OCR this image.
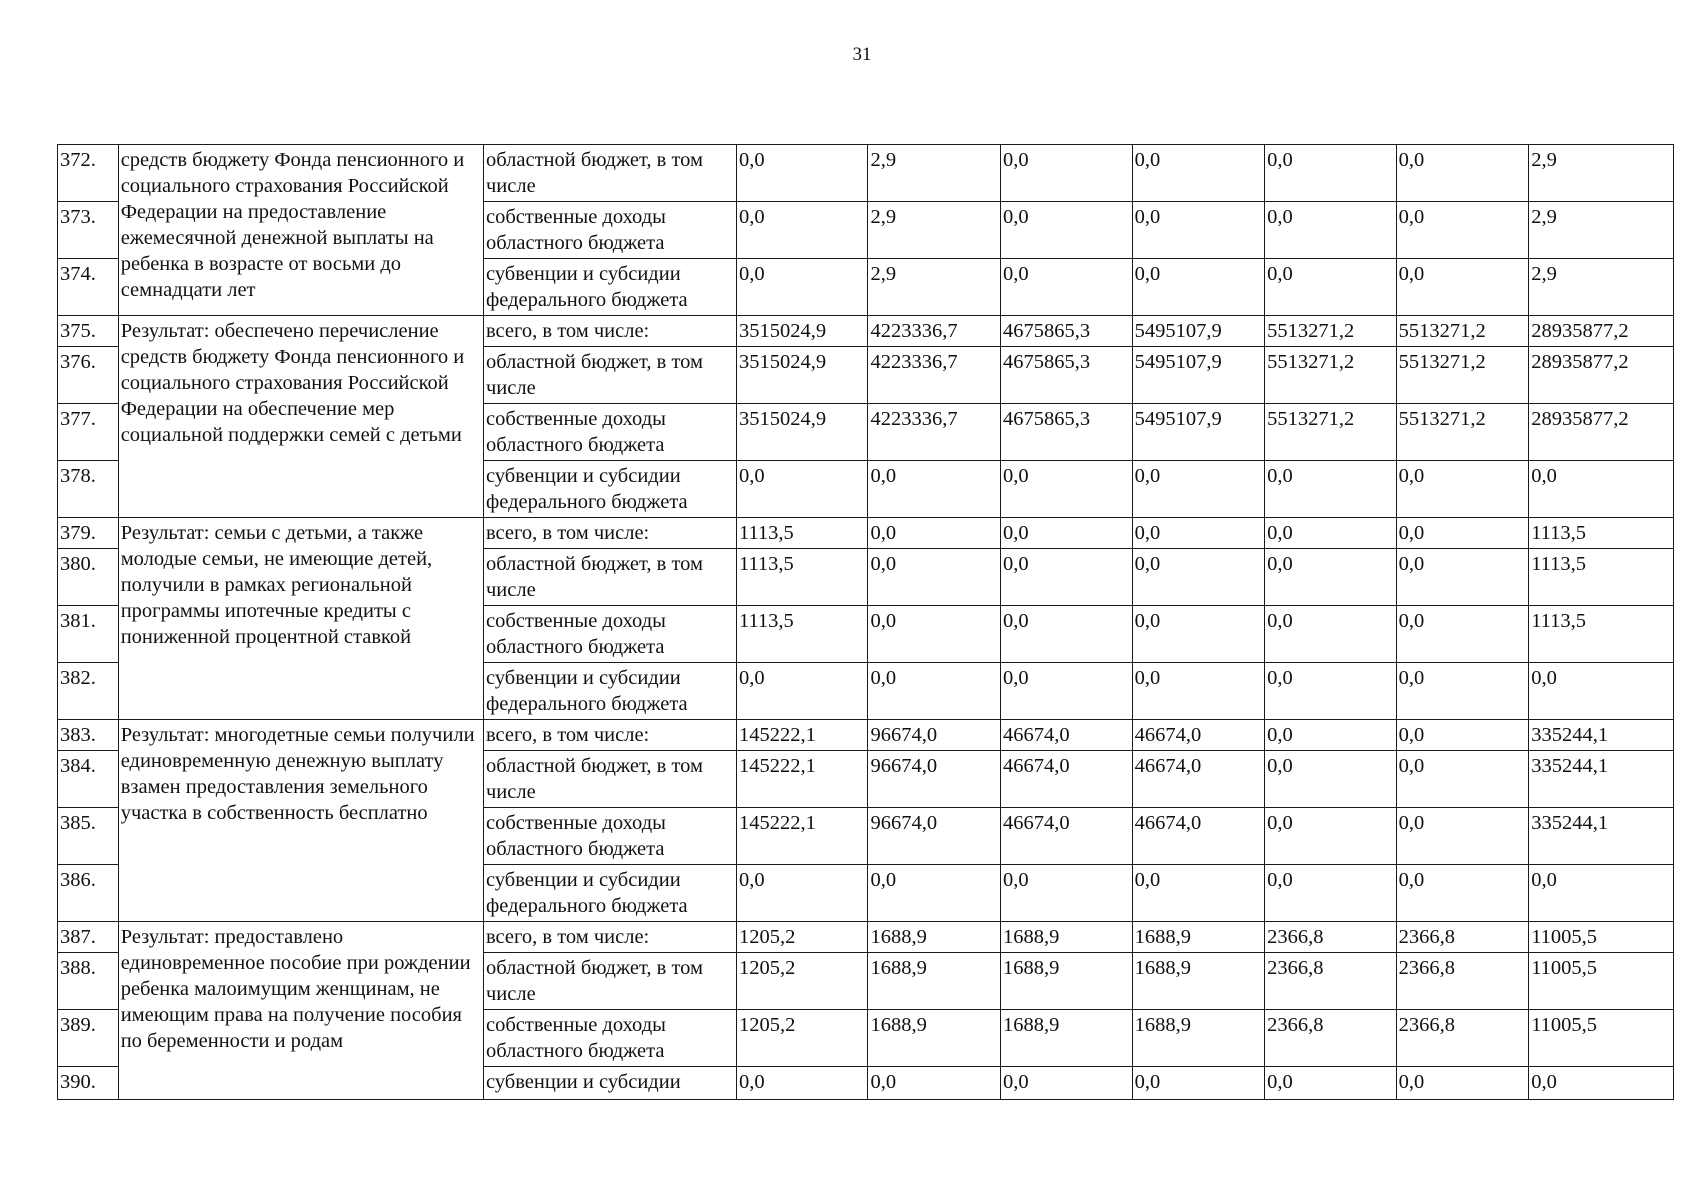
31
372.	средств бюджету Фонда пенсионного и социального страхования Российской Федерации на предоставление ежемесячной денежной выплаты на ребенка в возрасте от восьми до семнадцати лет	областной бюджет, в том числе	0,0	2,9	0,0	0,0	0,0	0,0	2,9
373.		собственные доходы областного бюджета	0,0	2,9	0,0	0,0	0,0	0,0	2,9
374.		субвенции и субсидии федерального бюджета	0,0	2,9	0,0	0,0	0,0	0,0	2,9
375.	Результат: обеспечено перечисление средств бюджету Фонда пенсионного и социального страхования Российской Федерации на обеспечение мер социальной поддержки семей с детьми	всего, в том числе:	3515024,9	4223336,7	4675865,3	5495107,9	5513271,2	5513271,2	28935877,2
376.		областной бюджет, в том числе	3515024,9	4223336,7	4675865,3	5495107,9	5513271,2	5513271,2	28935877,2
377.		собственные доходы областного бюджета	3515024,9	4223336,7	4675865,3	5495107,9	5513271,2	5513271,2	28935877,2
378.		субвенции и субсидии федерального бюджета	0,0	0,0	0,0	0,0	0,0	0,0	0,0
379.	Результат: семьи с детьми, а также молодые семьи, не имеющие детей, получили в рамках региональной программы ипотечные кредиты с пониженной процентной ставкой	всего, в том числе:	1113,5	0,0	0,0	0,0	0,0	0,0	1113,5
380.		областной бюджет, в том числе	1113,5	0,0	0,0	0,0	0,0	0,0	1113,5
381.		собственные доходы областного бюджета	1113,5	0,0	0,0	0,0	0,0	0,0	1113,5
382.		субвенции и субсидии федерального бюджета	0,0	0,0	0,0	0,0	0,0	0,0	0,0
383.	Результат: многодетные семьи получили единовременную денежную выплату взамен предоставления земельного участка в собственность бесплатно	всего, в том числе:	145222,1	96674,0	46674,0	46674,0	0,0	0,0	335244,1
384.		областной бюджет, в том числе	145222,1	96674,0	46674,0	46674,0	0,0	0,0	335244,1
385.		собственные доходы областного бюджета	145222,1	96674,0	46674,0	46674,0	0,0	0,0	335244,1
386.		субвенции и субсидии федерального бюджета	0,0	0,0	0,0	0,0	0,0	0,0	0,0
387.	Результат: предоставлено единовременное пособие при рождении ребенка малоимущим женщинам, не имеющим права на получение пособия по беременности и родам	всего, в том числе:	1205,2	1688,9	1688,9	1688,9	2366,8	2366,8	11005,5
388.		областной бюджет, в том числе	1205,2	1688,9	1688,9	1688,9	2366,8	2366,8	11005,5
389.		собственные доходы областного бюджета	1205,2	1688,9	1688,9	1688,9	2366,8	2366,8	11005,5
390.		субвенции и субсидии	0,0	0,0	0,0	0,0	0,0	0,0	0,0
